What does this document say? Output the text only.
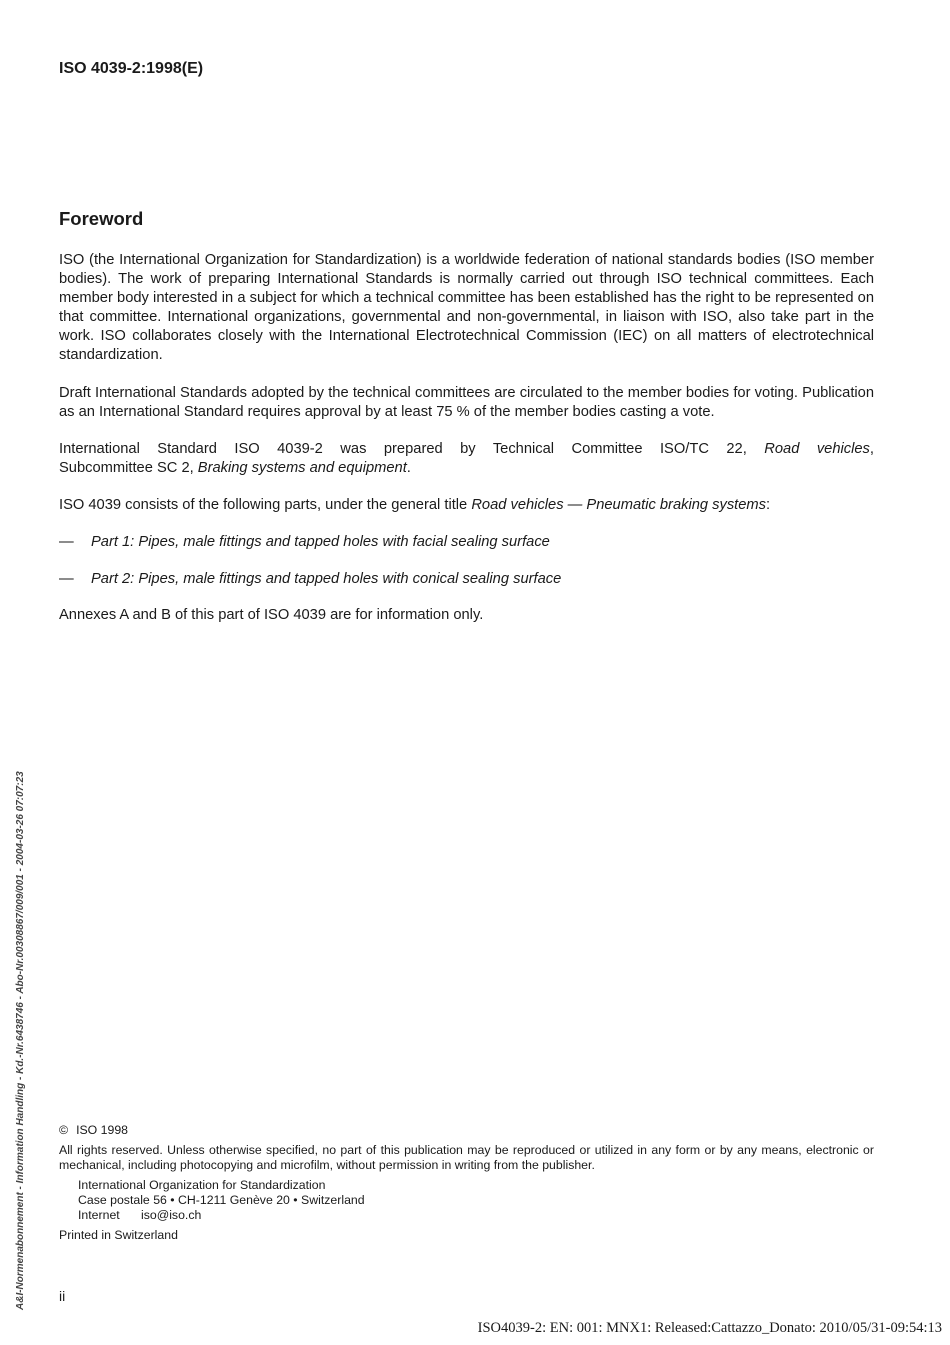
ISO 4039-2:1998(E)
Foreword

ISO (the International Organization for Standardization) is a worldwide federation of national standards bodies (ISO member bodies). The work of preparing International Standards is normally carried out through ISO technical committees. Each member body interested in a subject for which a technical committee has been established has the right to be represented on that committee. International organizations, governmental and non-governmental, in liaison with ISO, also take part in the work. ISO collaborates closely with the International Electrotechnical Commission (IEC) on all matters of electrotechnical standardization.

Draft International Standards adopted by the technical committees are circulated to the member bodies for voting. Publication as an International Standard requires approval by at least 75 % of the member bodies casting a vote.

International Standard ISO 4039-2 was prepared by Technical Committee ISO/TC 22, Road vehicles,
Subcommittee SC 2, Braking systems and equipment.
ISO 4039 consists of the following parts, under the general title Road vehicles — Pneumatic braking systems:
— Part 1: Pipes, male fittings and tapped holes with facial sealing surface
— Part 2: Pipes, male fittings and tapped holes with conical sealing surface

Annexes A and B of this part of ISO 4039 are for information only.

© ISO 1998

All rights reserved. Unless otherwise specified, no part of this publication may be reproduced or utilized in any form or by any means, electronic or mechanical, including photocopying and microfilm, without permission in writing from the publisher.

International Organization for Standardization
Case postale 56 • CH-1211 Genève 20 • Switzerland
Internet iso@iso.ch
Printed in Switzerland
ii
A&I-Normenabonnement - Information Handling - Kd.-Nr.6438746 - Abo-Nr.00308867/009/001 - 2004-03-26 07:07:23
ISO4039-2: EN: 001: MNX1: Released:Cattazzo_Donato: 2010/05/31-09:54:13
